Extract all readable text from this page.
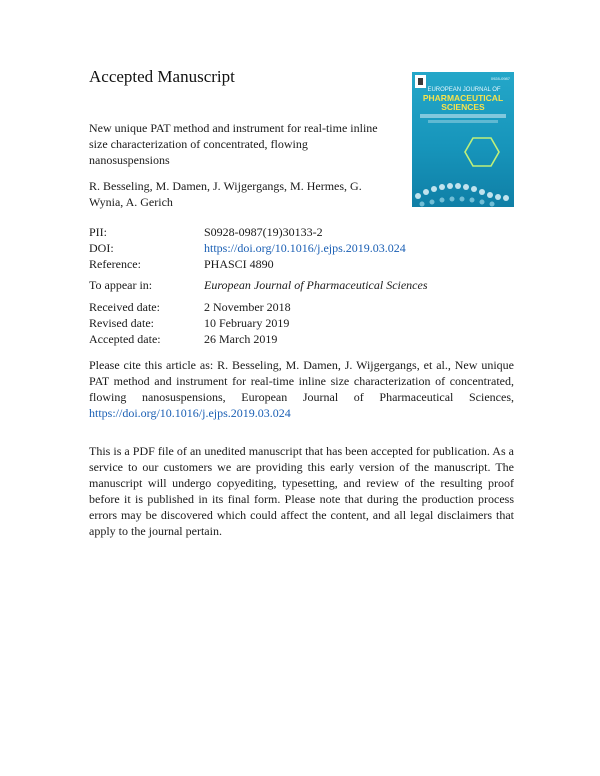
Accepted Manuscript
New unique PAT method and instrument for real-time inline size characterization of concentrated, flowing nanosuspensions
R. Besseling, M. Damen, J. Wijgergangs, M. Hermes, G. Wynia, A. Gerich
0928-0987
EUROPEAN JOURNAL OF
PHARMACEUTICAL SCIENCES
PII:	S0928-0987(19)30133-2
DOI:	https://doi.org/10.1016/j.ejps.2019.03.024
Reference:	PHASCI 4890
To appear in:	European Journal of Pharmaceutical Sciences
Received date:	2 November 2018
Revised date:	10 February 2019
Accepted date:	26 March 2019
Please cite this article as: R. Besseling, M. Damen, J. Wijgergangs, et al., New unique PAT method and instrument for real-time inline size characterization of concentrated, flowing nanosuspensions, European Journal of Pharmaceutical Sciences, https://doi.org/10.1016/j.ejps.2019.03.024
This is a PDF file of an unedited manuscript that has been accepted for publication. As a service to our customers we are providing this early version of the manuscript. The manuscript will undergo copyediting, typesetting, and review of the resulting proof before it is published in its final form. Please note that during the production process errors may be discovered which could affect the content, and all legal disclaimers that apply to the journal pertain.
